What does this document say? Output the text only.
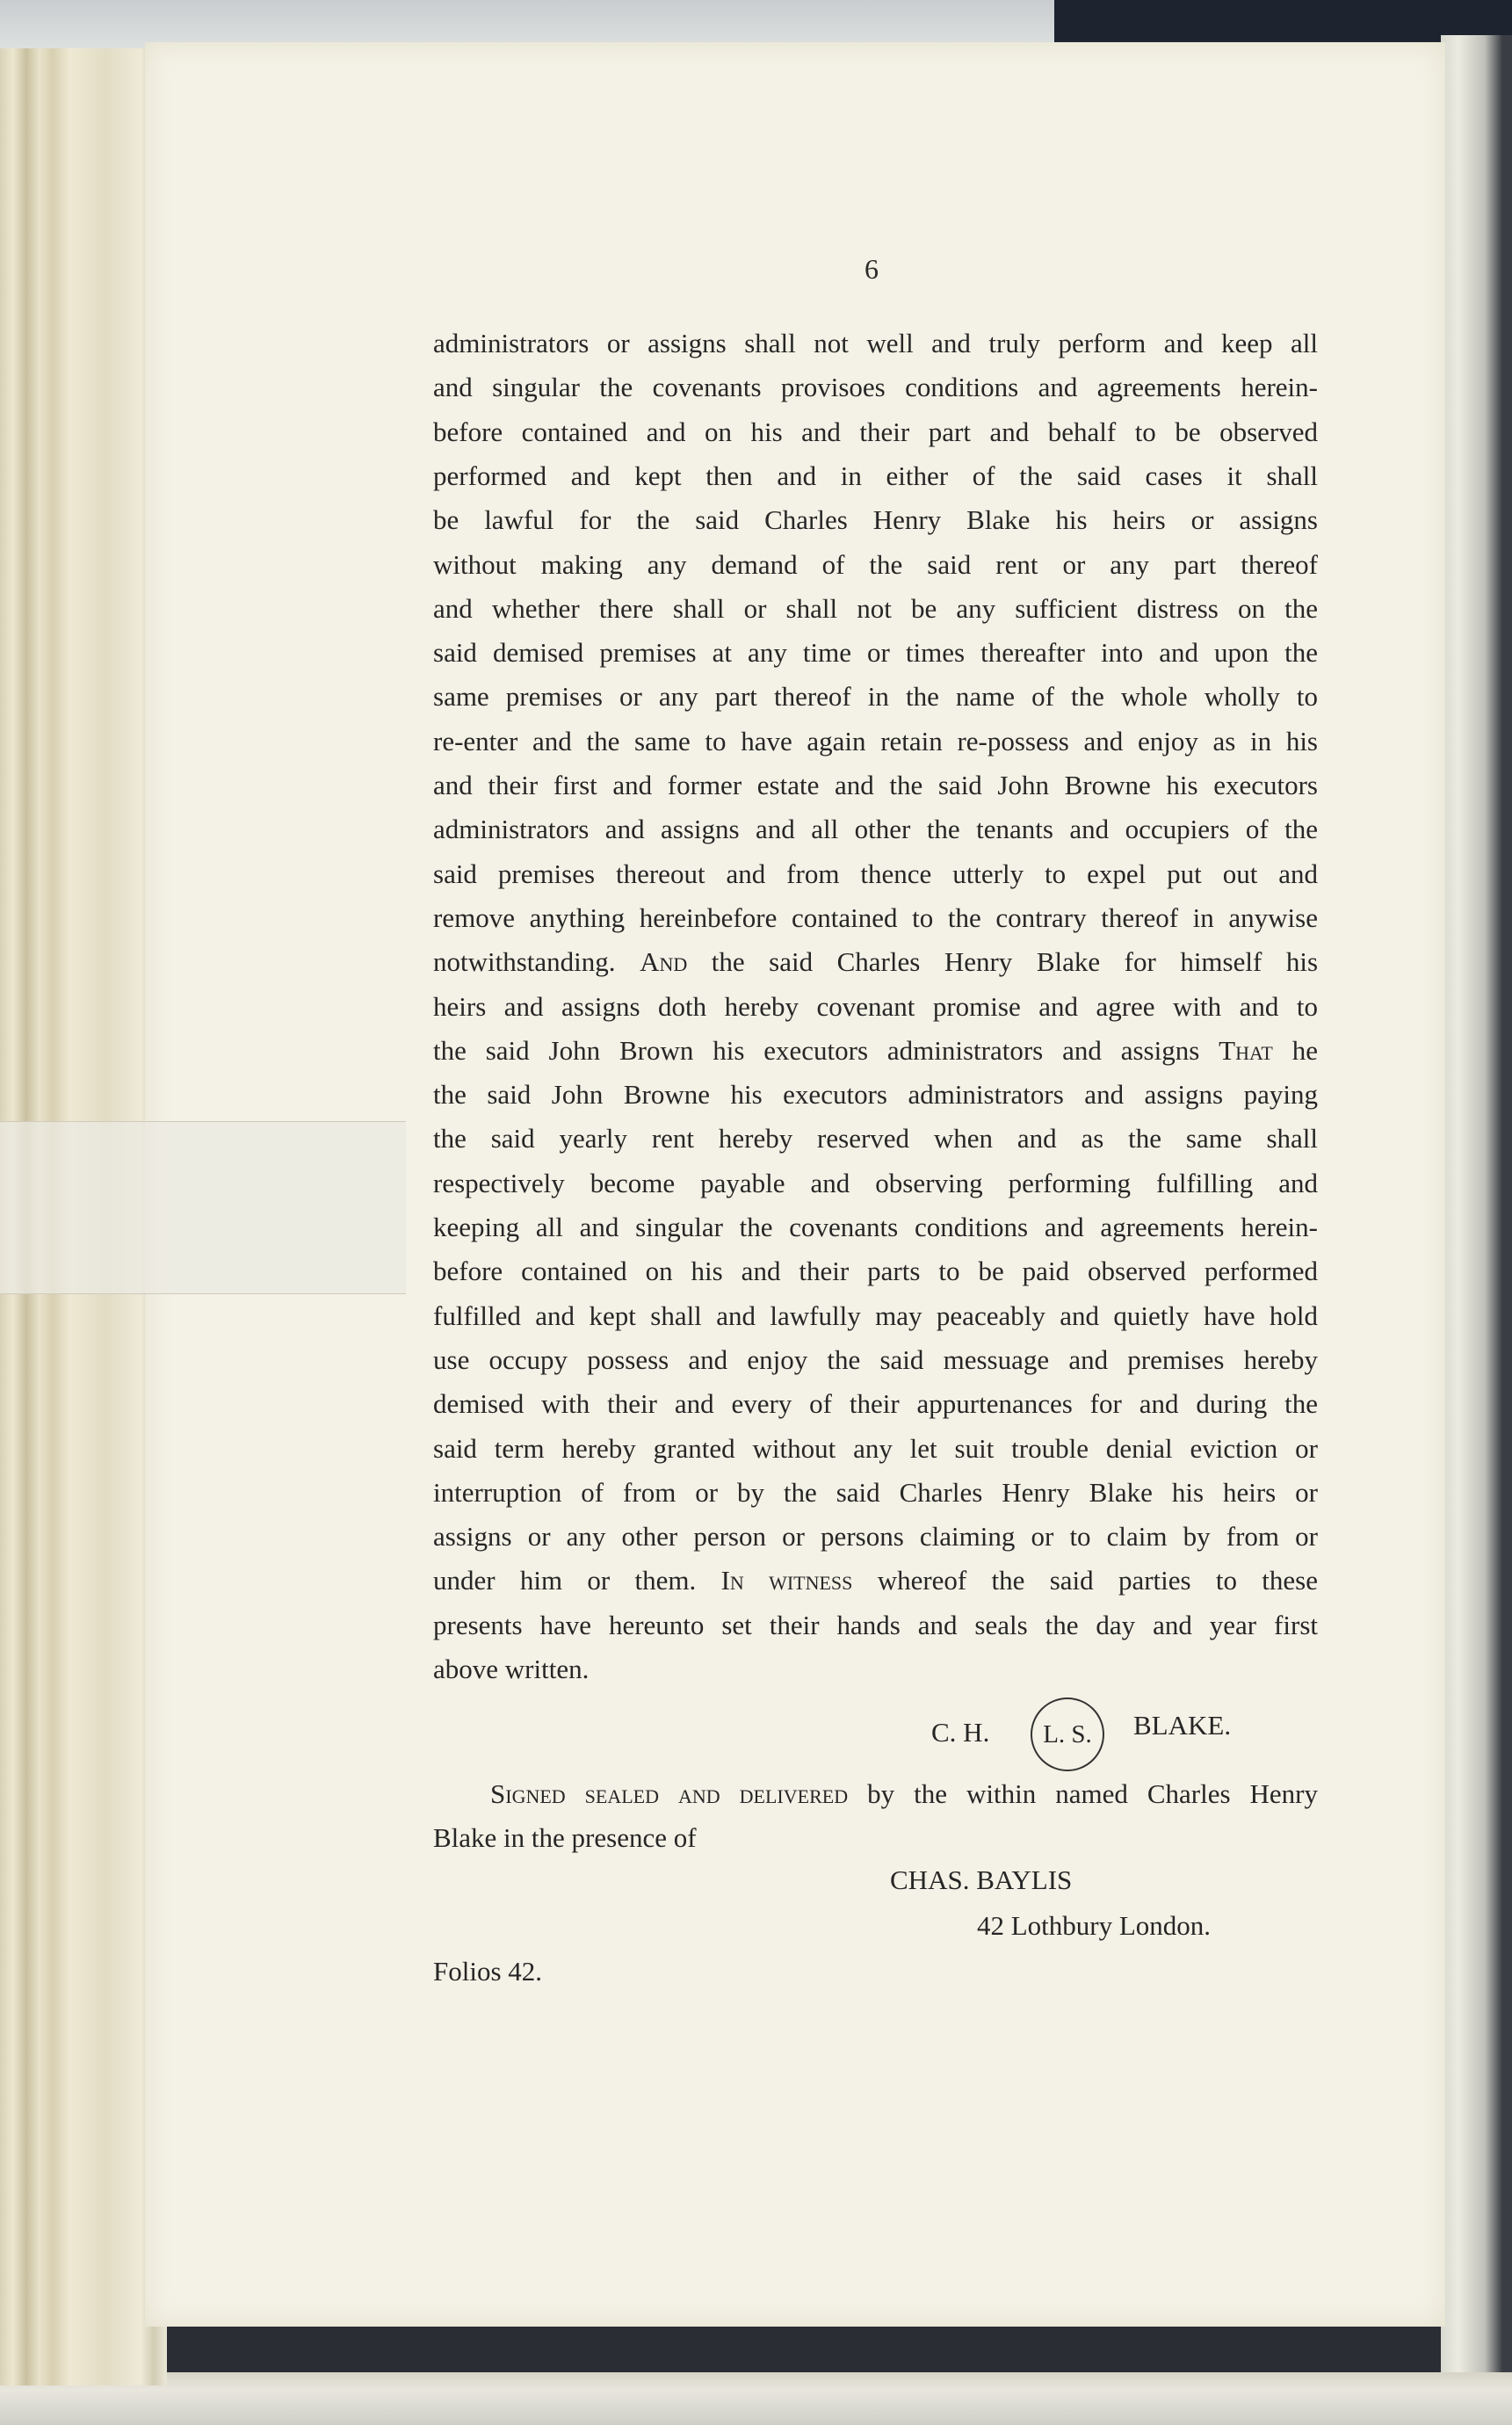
6
administrators or assigns shall not well and truly perform and keep all
and singular the covenants provisoes conditions and agreements herein-
before contained and on his and their part and behalf to be observed
performed and kept then and in either of the said cases it shall
be lawful for the said Charles Henry Blake his heirs or assigns
without making any demand of the said rent or any part thereof
and whether there shall or shall not be any sufficient distress on the
said demised premises at any time or times thereafter into and upon the
same premises or any part thereof in the name of the whole wholly to
re-enter and the same to have again retain re-possess and enjoy as in his
and their first and former estate and the said John Browne his executors
administrators and assigns and all other the tenants and occupiers of the
said premises thereout and from thence utterly to expel put out and
remove anything hereinbefore contained to the contrary thereof in anywise
notwithstanding. And the said Charles Henry Blake for himself his
heirs and assigns doth hereby covenant promise and agree with and to
the said John Brown his executors administrators and assigns That he
the said John Browne his executors administrators and assigns paying
the said yearly rent hereby reserved when and as the same shall
respectively become payable and observing performing fulfilling and
keeping all and singular the covenants conditions and agreements herein-
before contained on his and their parts to be paid observed performed
fulfilled and kept shall and lawfully may peaceably and quietly have hold
use occupy possess and enjoy the said messuage and premises hereby
demised with their and every of their appurtenances for and during the
said term hereby granted without any let suit trouble denial eviction or
interruption of from or by the said Charles Henry Blake his heirs or
assigns or any other person or persons claiming or to claim by from or
under him or them. In witness whereof the said parties to these
presents have hereunto set their hands and seals the day and year first
above written.
C. H. L. S. BLAKE.
Signed sealed and delivered by the within named Charles Henry
Blake in the presence of
CHAS. BAYLIS
42 Lothbury London.
Folios 42.
